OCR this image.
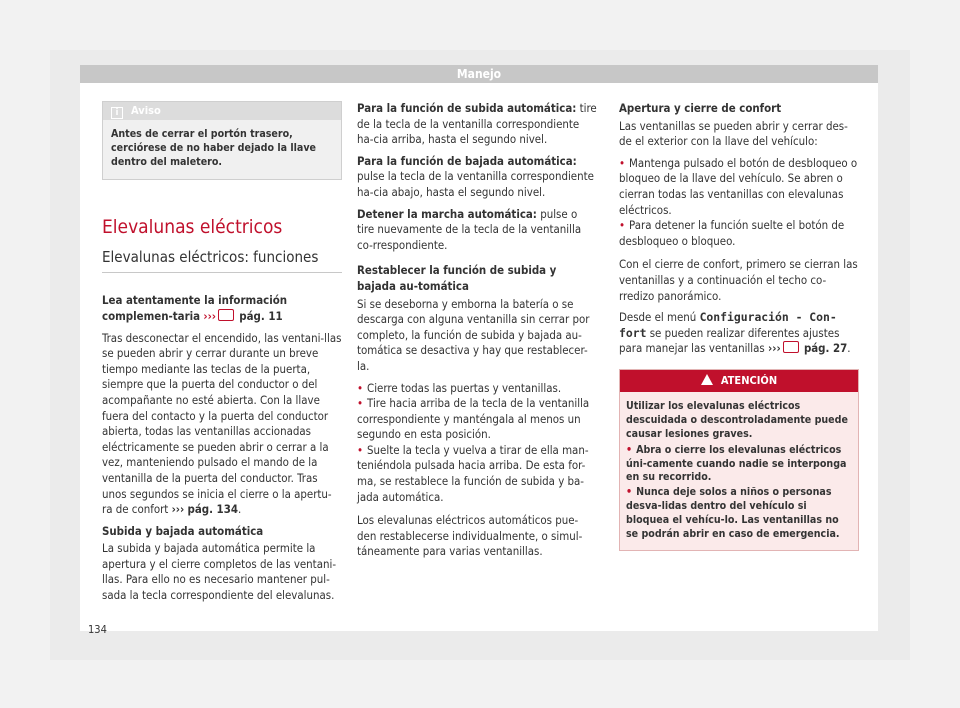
Manejo
i Aviso
Antes de cerrar el portón trasero, cerciórese de no haber dejado la llave dentro del maletero.
Elevalunas eléctricos
Elevalunas eléctricos: funciones

Lea atentamente la información complemen-taria ››› pág. 11

Tras desconectar el encendido, las ventani-llas se pueden abrir y cerrar durante un breve tiempo mediante las teclas de la puerta, siempre que la puerta del conductor o del acompañante no esté abierta. Con la llave fuera del contacto y la puerta del conductor abierta, todas las ventanillas accionadas eléctricamente se pueden abrir o cerrar a la vez, manteniendo pulsado el mando de la ventanilla de la puerta del conductor. Tras unos segundos se inicia el cierre o la apertu-ra de confort ››› pág. 134.

Subida y bajada automática

La subida y bajada automática permite la apertura y el cierre completos de las ventani-llas. Para ello no es necesario mantener pul-sada la tecla correspondiente del elevalunas.

Para la función de subida automática: tire de la tecla de la ventanilla correspondiente ha-cia arriba, hasta el segundo nivel.

Para la función de bajada automática: pulse la tecla de la ventanilla correspondiente ha-cia abajo, hasta el segundo nivel.

Detener la marcha automática: pulse o tire nuevamente de la tecla de la ventanilla co-rrespondiente.

Restablecer la función de subida y bajada au-tomática

Si se deseborna y emborna la batería o se descarga con alguna ventanilla sin cerrar por completo, la función de subida y bajada au-tomática se desactiva y hay que restablecer-la.

• Cierre todas las puertas y ventanillas.

• Tire hacia arriba de la tecla de la ventanilla correspondiente y manténgala al menos un segundo en esta posición.

• Suelte la tecla y vuelva a tirar de ella man-teniéndola pulsada hacia arriba. De esta for-ma, se restablece la función de subida y ba-jada automática.

Los elevalunas eléctricos automáticos pue-den restablecerse individualmente, o simul-táneamente para varias ventanillas.

Apertura y cierre de confort

Las ventanillas se pueden abrir y cerrar des-de el exterior con la llave del vehículo:

• Mantenga pulsado el botón de desbloqueo o bloqueo de la llave del vehículo. Se abren o cierran todas las ventanillas con elevalunas eléctricos.

• Para detener la función suelte el botón de desbloqueo o bloqueo.

Con el cierre de confort, primero se cierran las ventanillas y a continuación el techo co-rredizo panorámico.

Desde el menú Configuración - Con-fort se pueden realizar diferentes ajustes para manejar las ventanillas ››› pág. 27.

ATENCIÓN

Utilizar los elevalunas eléctricos descuidada o descontroladamente puede causar lesiones graves.

• Abra o cierre los elevalunas eléctricos úni-camente cuando nadie se interponga en su recorrido.

• Nunca deje solos a niños o personas desva-lidas dentro del vehículo si bloquea el vehícu-lo. Las ventanillas no se podrán abrir en caso de emergencia.

134
